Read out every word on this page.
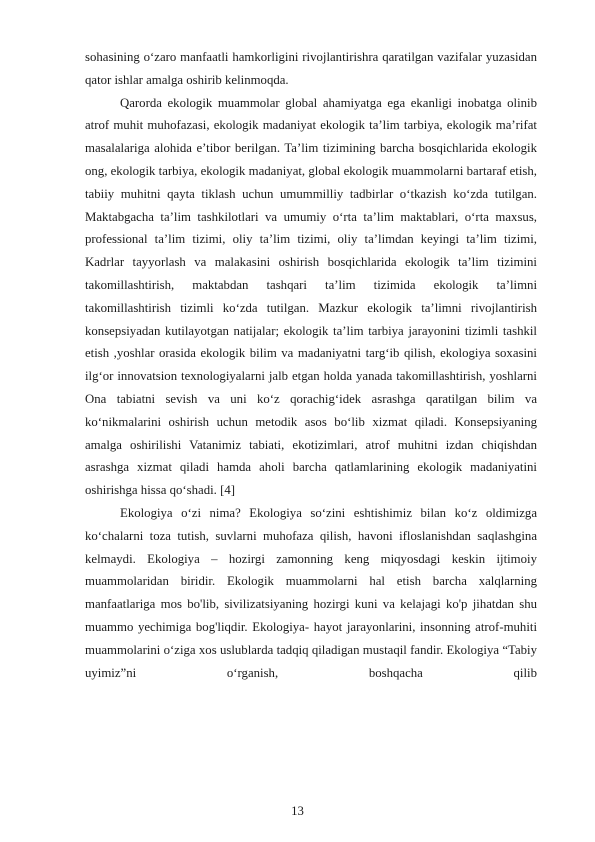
sohasining o‘zaro manfaatli hamkorligini rivojlantirishra qaratilgan vazifalar yuzasidan qator ishlar amalga oshirib kelinmoqda.

Qarorda ekologik muammolar global ahamiyatga ega ekanligi inobatga olinib atrof muhit muhofazasi, ekologik madaniyat ekologik ta’lim tarbiya, ekologik ma’rifat masalalariga alohida e’tibor berilgan. Ta’lim tizimining barcha bosqichlarida ekologik ong, ekologik tarbiya, ekologik madaniyat, global ekologik muammolarni bartaraf etish, tabiiy muhitni qayta tiklash uchun umummilliy tadbirlar o‘tkazish ko‘zda tutilgan. Maktabgacha ta’lim tashkilotlari va umumiy o‘rta ta’lim maktablari, o‘rta maxsus, professional ta’lim tizimi, oliy ta’lim tizimi, oliy ta’limdan keyingi ta’lim tizimi, Kadrlar tayyorlash va malakasini oshirish bosqichlarida ekologik ta’lim tizimini takomillashtirish, maktabdan tashqari ta’lim tizimida ekologik ta’limni takomillashtirish tizimli ko‘zda tutilgan. Mazkur ekologik ta’limni rivojlantirish konsepsiyadan kutilayotgan natijalar; ekologik ta’lim tarbiya jarayonini tizimli tashkil etish ,yoshlar orasida ekologik bilim va madaniyatni targ‘ib qilish, ekologiya soxasini ilg‘or innovatsion texnologiyalarni jalb etgan holda yanada takomillashtirish, yoshlarni Ona tabiatni sevish va uni ko‘z qorachig‘idek asrashga qaratilgan bilim va ko‘nikmalarini oshirish uchun metodik asos bo‘lib xizmat qiladi. Konsepsiyaning amalga oshirilishi Vatanimiz tabiati, ekotizimlari, atrof muhitni izdan chiqishdan asrashga xizmat qiladi hamda aholi barcha qatlamlarining ekologik madaniyatini oshirishga hissa qo‘shadi. [4]

Ekologiya o‘zi nima? Ekologiya so‘zini eshtishimiz bilan ko‘z oldimizga ko‘chalarni toza tutish, suvlarni muhofaza qilish, havoni ifloslanishdan saqlashgina kelmaydi. Ekologiya – hozirgi zamonning keng miqyosdagi keskin ijtimoiy muammolaridan biridir. Ekologik muammolarni hal etish barcha xalqlarning manfaatlariga mos bo'lib, sivilizatsiyaning hozirgi kuni va kelajagi ko'p jihatdan shu muammo yechimiga bog'liqdir. Ekologiya- hayot jarayonlarini, insonning atrof-muhiti muammolarini o‘ziga xos uslublarda tadqiq qiladigan mustaqil fandir. Ekologiya “Tabiy uyimiz”ni o‘rganish, boshqacha qilib

13
